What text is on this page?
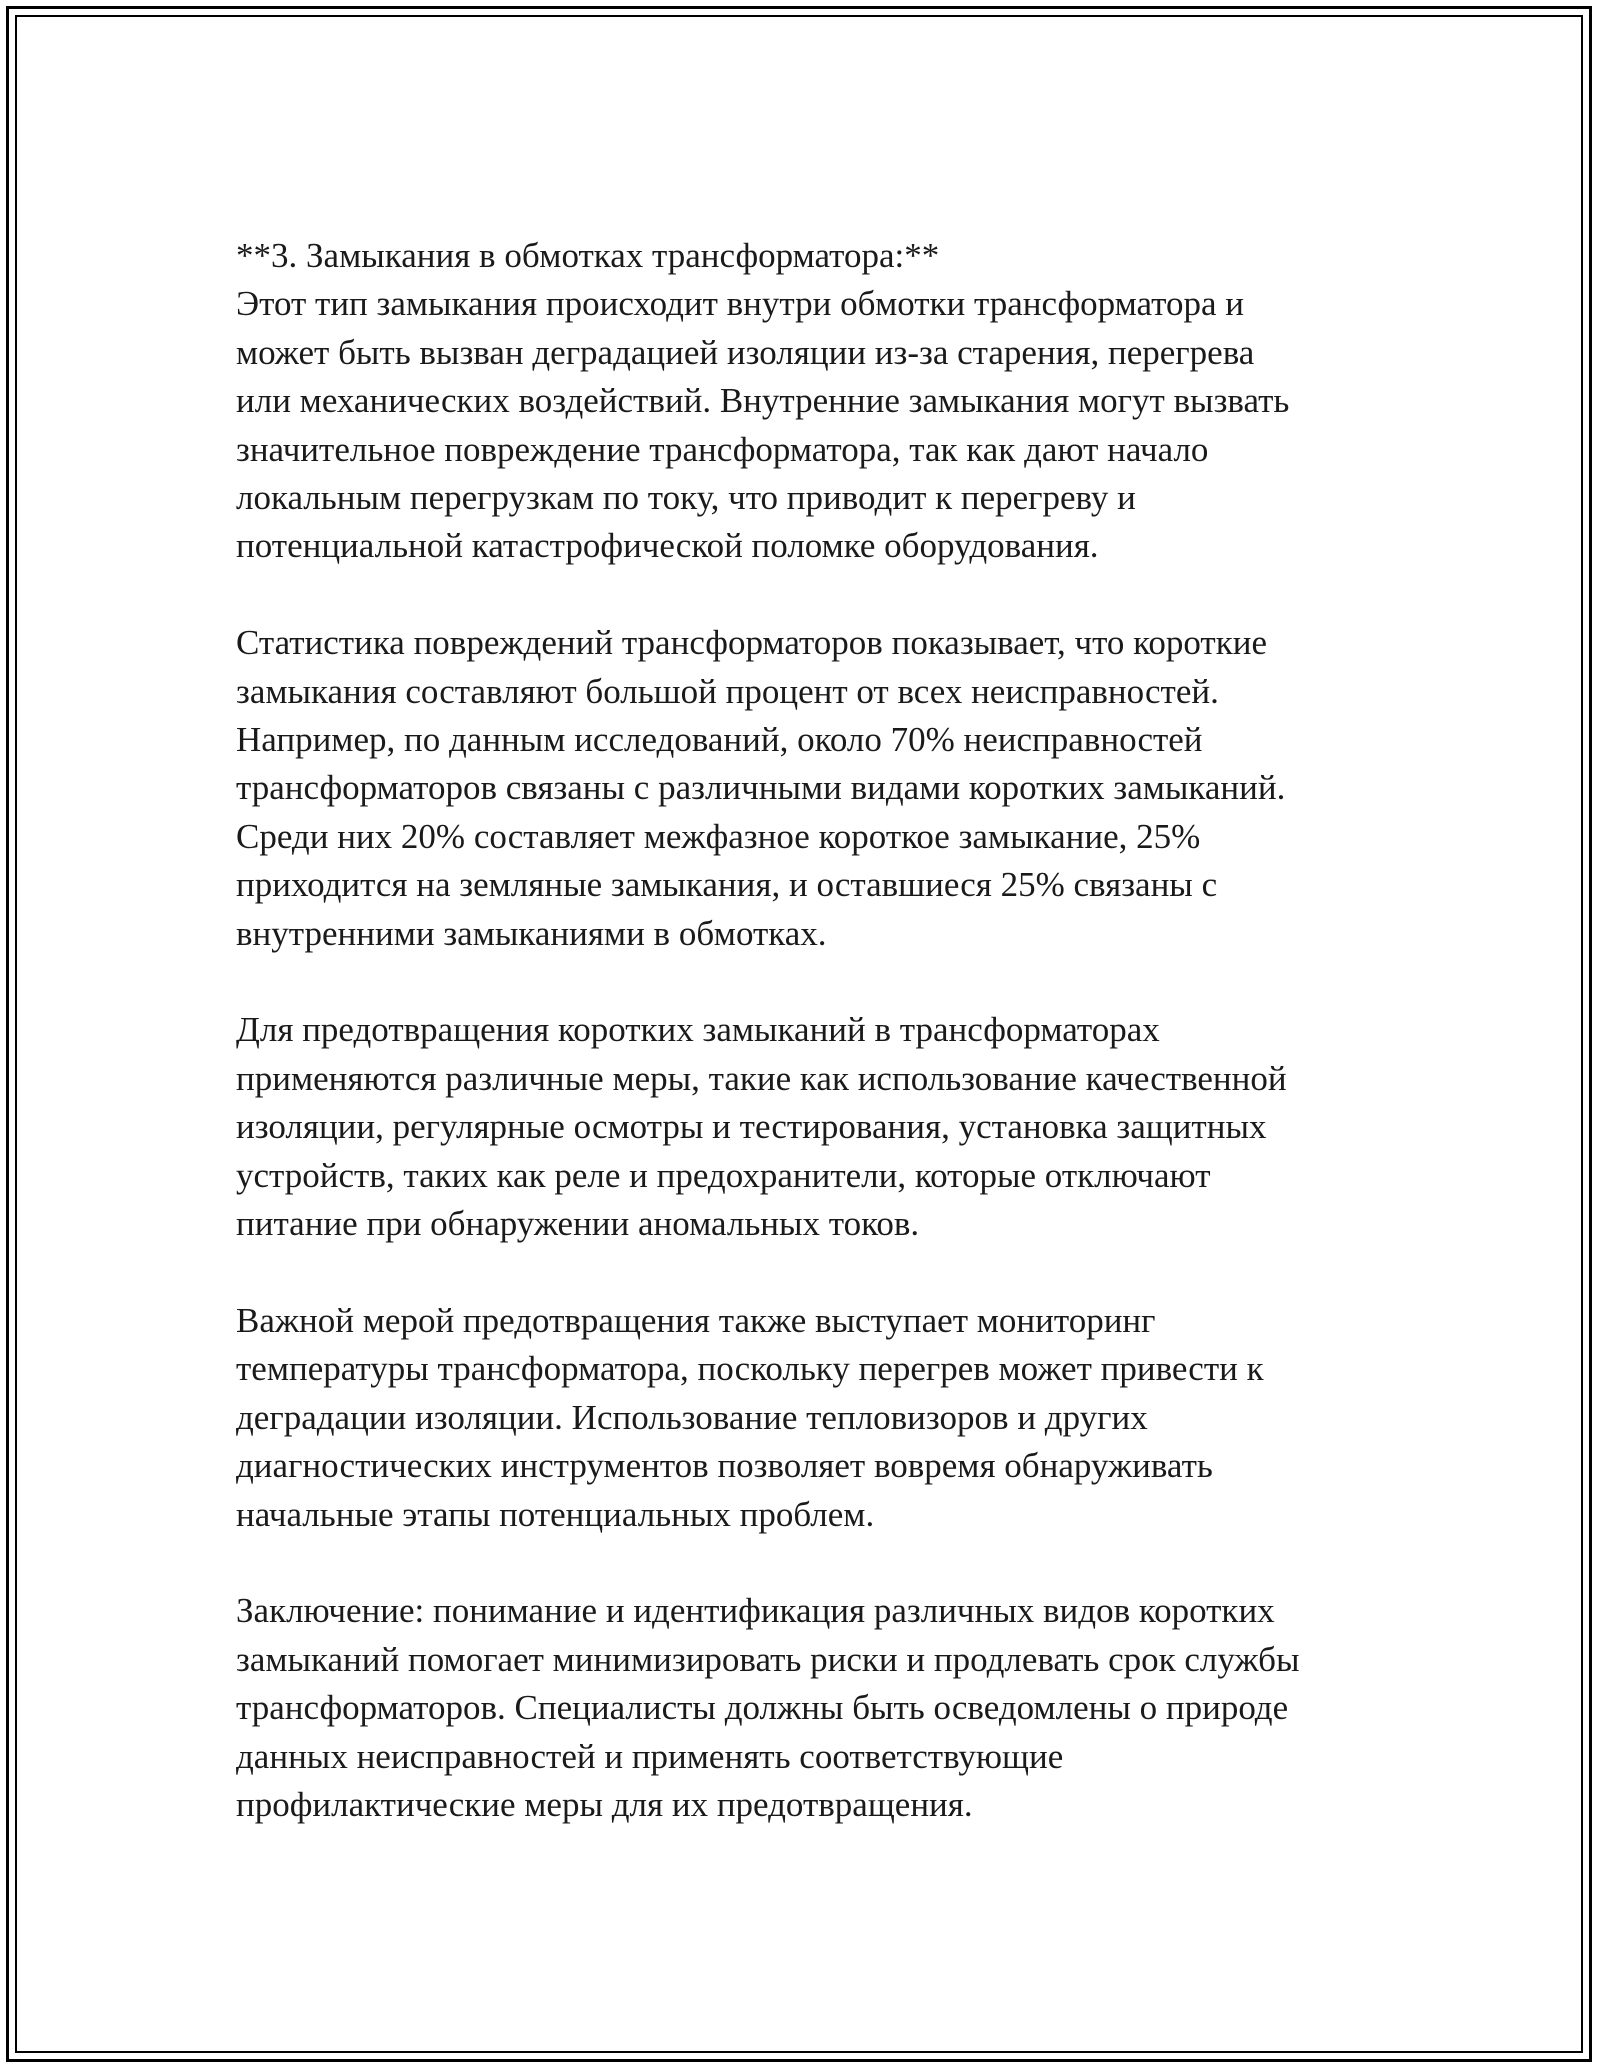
**3. Замыкания в обмотках трансформатора:**
Этот тип замыкания происходит внутри обмотки трансформатора и
может быть вызван деградацией изоляции из-за старения, перегрева
или механических воздействий. Внутренние замыкания могут вызвать
значительное повреждение трансформатора, так как дают начало
локальным перегрузкам по току, что приводит к перегреву и
потенциальной катастрофической поломке оборудования.

Статистика повреждений трансформаторов показывает, что короткие
замыкания составляют большой процент от всех неисправностей.
Например, по данным исследований, около 70% неисправностей
трансформаторов связаны с различными видами коротких замыканий.
Среди них 20% составляет межфазное короткое замыкание, 25%
приходится на земляные замыкания, и оставшиеся 25% связаны с
внутренними замыканиями в обмотках.

Для предотвращения коротких замыканий в трансформаторах
применяются различные меры, такие как использование качественной
изоляции, регулярные осмотры и тестирования, установка защитных
устройств, таких как реле и предохранители, которые отключают
питание при обнаружении аномальных токов.

Важной мерой предотвращения также выступает мониторинг
температуры трансформатора, поскольку перегрев может привести к
деградации изоляции. Использование тепловизоров и других
диагностических инструментов позволяет вовремя обнаруживать
начальные этапы потенциальных проблем.

Заключение: понимание и идентификация различных видов коротких
замыканий помогает минимизировать риски и продлевать срок службы
трансформаторов. Специалисты должны быть осведомлены о природе
данных неисправностей и применять соответствующие
профилактические меры для их предотвращения.
